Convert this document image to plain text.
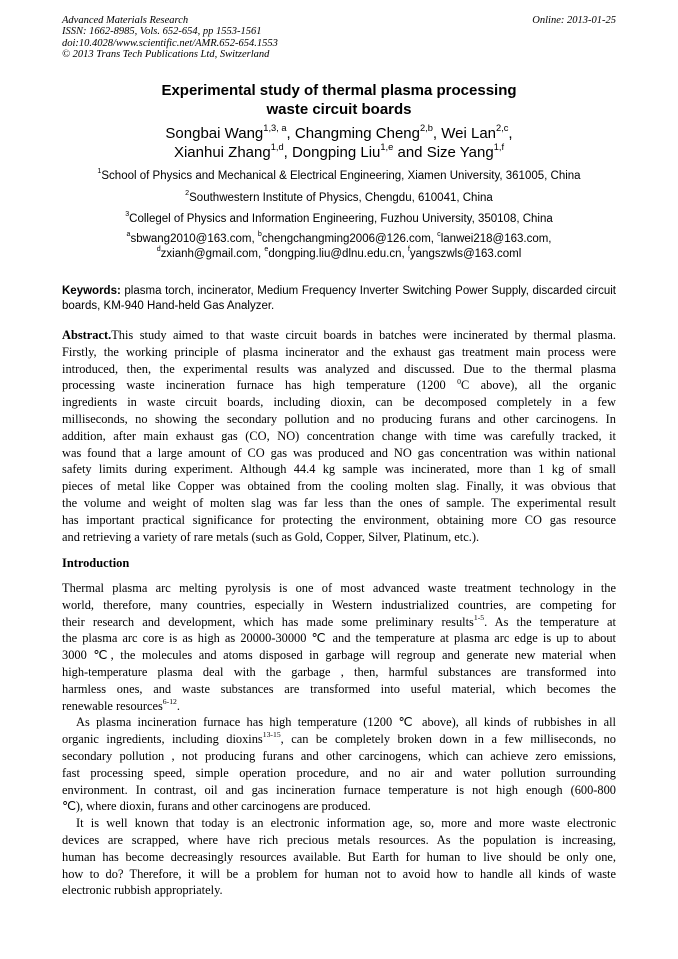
Advanced Materials Research
ISSN: 1662-8985, Vols. 652-654, pp 1553-1561
doi:10.4028/www.scientific.net/AMR.652-654.1553
© 2013 Trans Tech Publications Ltd, Switzerland
Online: 2013-01-25
Experimental study of thermal plasma processing
waste circuit boards
Songbai Wang$^{1,3, a}$, Changming Cheng$^{2,b}$, Wei Lan$^{2,c}$,
Xianhui Zhang$^{1,d}$, Dongping Liu$^{1,e}$ and Size Yang$^{1,f}$
$^1$School of Physics and Mechanical & Electrical Engineering, Xiamen University, 361005, China
$^2$Southwestern Institute of Physics, Chengdu, 610041, China
$^3$Collegel of Physics and Information Engineering, Fuzhou University, 350108, China
$^a$sbwang2010@163.com, $^b$chengchangming2006@126.com, $^c$lanwei218@163.com,
$^d$zxianh@gmail.com, $^e$dongping.liu@dlnu.edu.cn, $^f$yangszwls@163.coml
Keywords: plasma torch, incinerator, Medium Frequency Inverter Switching Power Supply, discarded circuit boards, KM-940 Hand-held Gas Analyzer.
Abstract.This study aimed to that waste circuit boards in batches were incinerated by thermal plasma.
Firstly, the working principle of plasma incinerator and the exhaust gas treatment main process were
introduced, then, the experimental results was analyzed and discussed. Due to the thermal plasma
processing waste incineration furnace has high temperature (1200 $^0$C above), all the organic
ingredients in waste circuit boards, including dioxin, can be decomposed completely in a few
milliseconds, no showing the secondary pollution and no producing furans and other carcinogens. In
addition, after main exhaust gas (CO, NO) concentration change with time was carefully tracked, it
was found that a large amount of CO gas was produced and NO gas concentration was within national
safety limits during experiment. Although 44.4 kg sample was incinerated, more than 1 kg of small
pieces of metal like Copper was obtained from the cooling molten slag. Finally, it was obvious that
the volume and weight of molten slag was far less than the ones of sample. The experimental result
has important practical significance for protecting the environment, obtaining more CO gas resource
and retrieving a variety of rare metals (such as Gold, Copper, Silver, Platinum, etc.).
Introduction
Thermal plasma arc melting pyrolysis is one of most advanced waste treatment technology in the
world, therefore, many countries, especially in Western industrialized countries, are competing for
their research and development, which has made some preliminary results$^{1-5}$. As the temperature at
the plasma arc core is as high as 20000-30000 ℃ and the temperature at plasma arc edge is up to about
3000 ℃, the molecules and atoms disposed in garbage will regroup and generate new material when
high-temperature plasma deal with the garbage , then, harmful substances are transformed into
harmless ones, and waste substances are transformed into useful material, which becomes the
renewable resources$^{6-12}$.
As plasma incineration furnace has high temperature (1200 ℃ above), all kinds of rubbishes in all
organic ingredients, including dioxins$^{13-15}$, can be completely broken down in a few milliseconds, no
secondary pollution , not producing furans and other carcinogens, which can achieve zero emissions,
fast processing speed, simple operation procedure, and no air and water pollution surrounding
environment. In contrast, oil and gas incineration furnace temperature is not high enough (600-800
℃), where dioxin, furans and other carcinogens are produced.
It is well known that today is an electronic information age, so, more and more waste electronic
devices are scrapped, where have rich precious metals resources. As the population is increasing,
human has become decreasingly resources available. But Earth for human to live should be only one,
how to do? Therefore, it will be a problem for human not to avoid how to handle all kinds of waste
electronic rubbish appropriately.
